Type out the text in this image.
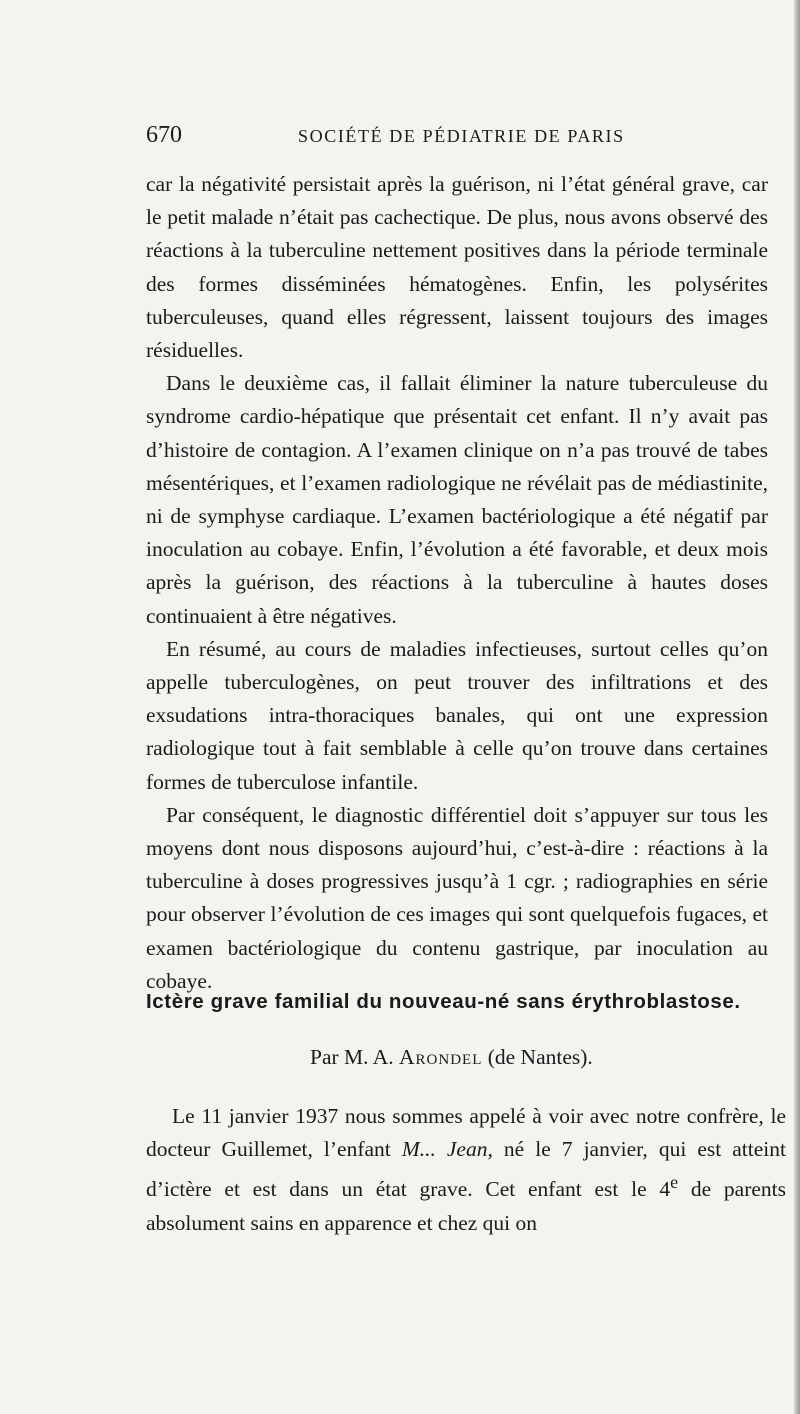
670	SOCIÉTÉ DE PÉDIATRIE DE PARIS

car la négativité persistait après la guérison, ni l’état général grave, car le petit malade n’était pas cachectique. De plus, nous avons observé des réactions à la tuberculine nettement positives dans la période terminale des formes disséminées hématogènes. Enfin, les polysérites tuberculeuses, quand elles régressent, laissent toujours des images résiduelles.

Dans le deuxième cas, il fallait éliminer la nature tuberculeuse du syndrome cardio-hépatique que présentait cet enfant. Il n’y avait pas d’histoire de contagion. A l’examen clinique on n’a pas trouvé de tabes mésentériques, et l’examen radiologique ne révélait pas de médiastinite, ni de symphyse cardiaque. L’examen bactériologique a été négatif par inoculation au cobaye. Enfin, l’évolution a été favorable, et deux mois après la guérison, des réactions à la tuberculine à hautes doses continuaient à être négatives.

En résumé, au cours de maladies infectieuses, surtout celles qu’on appelle tuberculogènes, on peut trouver des infiltrations et des exsudations intra-thoraciques banales, qui ont une expression radiologique tout à fait semblable à celle qu’on trouve dans certaines formes de tuberculose infantile.

Par conséquent, le diagnostic différentiel doit s’appuyer sur tous les moyens dont nous disposons aujourd’hui, c’est-à-dire : réactions à la tuberculine à doses progressives jusqu’à 1 cgr. ; radiographies en série pour observer l’évolution de ces images qui sont quelquefois fugaces, et examen bactériologique du contenu gastrique, par inoculation au cobaye.

Ictère grave familial du nouveau-né sans érythroblastose.
Par M. A. Arondel (de Nantes).

Le 11 janvier 1937 nous sommes appelé à voir avec notre confrère, le docteur Guillemet, l’enfant M... Jean, né le 7 janvier, qui est atteint d’ictère et est dans un état grave. Cet enfant est le 4e de parents absolument sains en apparence et chez qui on
